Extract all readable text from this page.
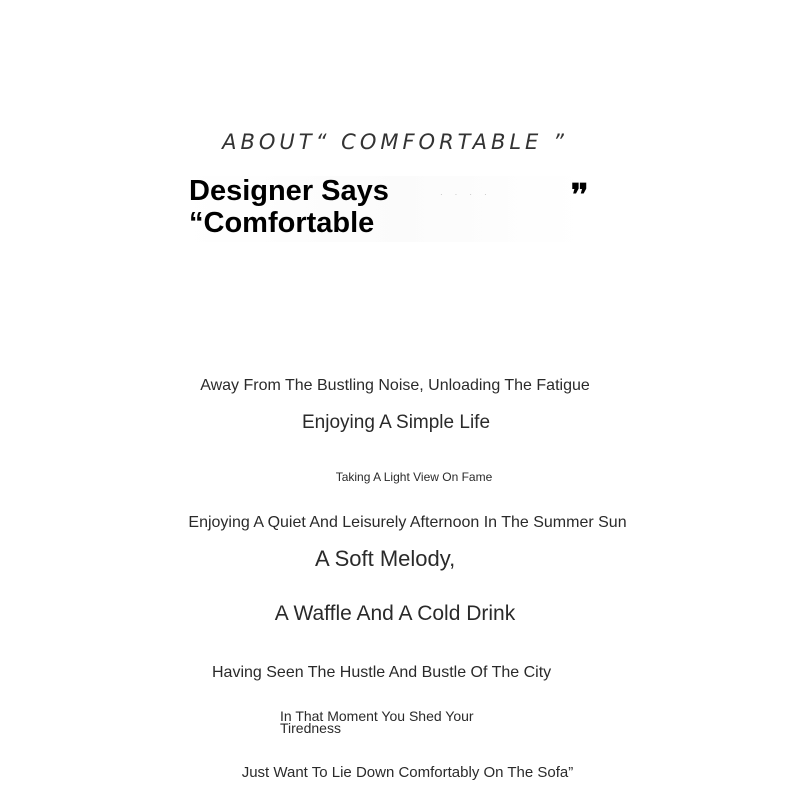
ABOUT“ COMFORTABLE ”
····
Designer Says “Comfortable
❜❜
Away From The Bustling Noise, Unloading The Fatigue
Enjoying A Simple Life
Taking A Light View On Fame
Enjoying A Quiet And Leisurely Afternoon In The Summer Sun
A Soft Melody,
A Waffle And A Cold Drink
Having Seen The Hustle And Bustle Of The City
In That Moment You Shed Your Tiredness
Just Want To Lie Down Comfortably On The Sofa”
